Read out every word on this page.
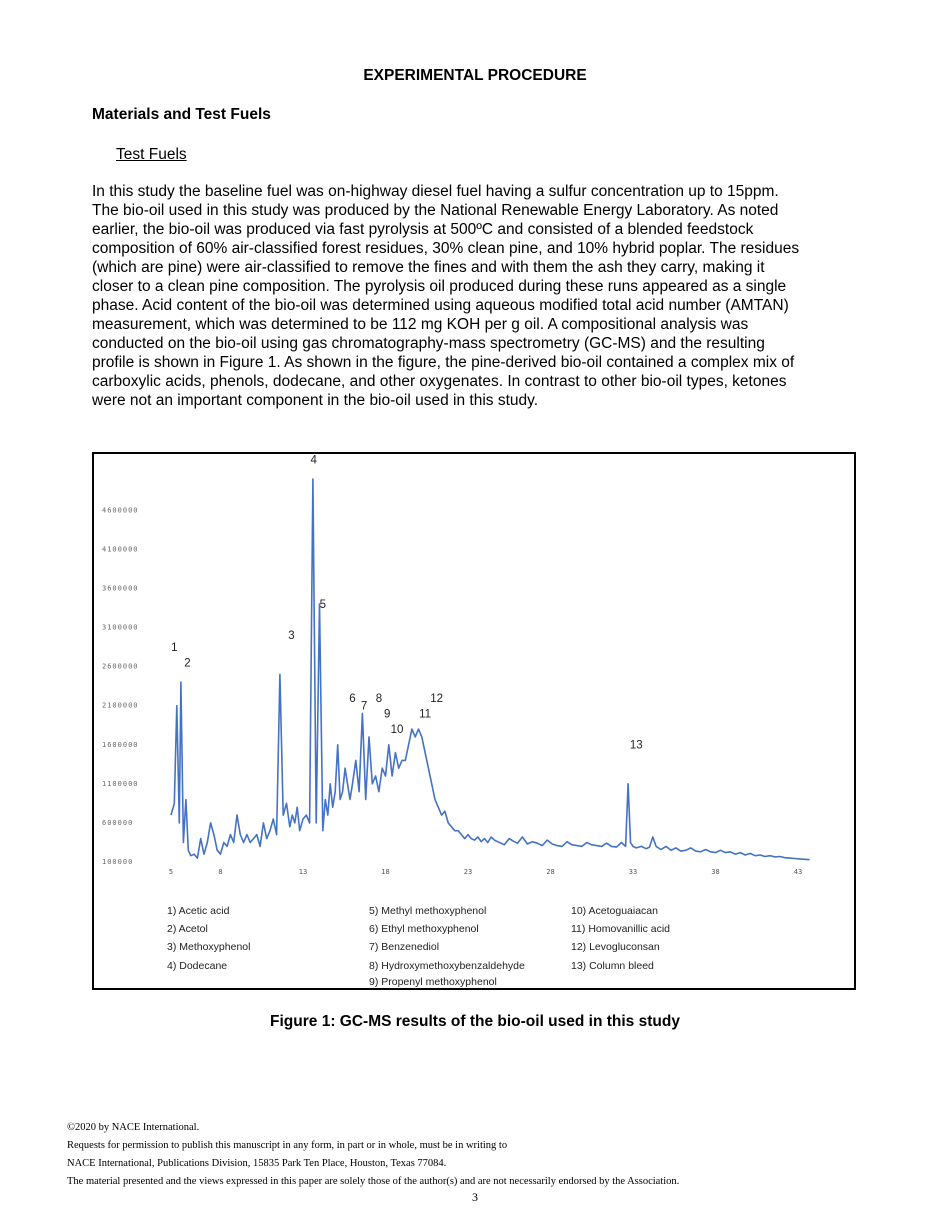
EXPERIMENTAL PROCEDURE
Materials and Test Fuels
Test Fuels
In this study the baseline fuel was on-highway diesel fuel having a sulfur concentration up to 15ppm.
The bio-oil used in this study was produced by the National Renewable Energy Laboratory. As noted
earlier, the bio-oil was produced via fast pyrolysis at 500ºC and consisted of a blended feedstock
composition of 60% air-classified forest residues, 30% clean pine, and 10% hybrid poplar. The residues
(which are pine) were air-classified to remove the fines and with them the ash they carry, making it
closer to a clean pine composition. The pyrolysis oil produced during these runs appeared as a single
phase. Acid content of the bio-oil was determined using aqueous modified total acid number (AMTAN)
measurement, which was determined to be 112 mg KOH per g oil. A compositional analysis was
conducted on the bio-oil using gas chromatography-mass spectrometry (GC-MS) and the resulting
profile is shown in Figure 1. As shown in the figure, the pine-derived bio-oil contained a complex mix of
carboxylic acids, phenols, dodecane, and other oxygenates. In contrast to other bio-oil types, ketones
were not an important component in the bio-oil used in this study.
100000
600000
1100000
1600000
2100000
2600000
3100000
3600000
4100000
4600000
5	8	13	18	23	28	33	38	43
1
2
3
4
5
6
7
8
9
10
11
12
13
1) Acetic acid
2) Acetol
3) Methoxyphenol
4) Dodecane
5) Methyl methoxyphenol
6) Ethyl methoxyphenol
7) Benzenediol
8) Hydroxymethoxybenzaldehyde
9) Propenyl methoxyphenol
10) Acetoguaiacan
11) Homovanillic acid
12) Levogluconsan
13) Column bleed
Figure 1: GC-MS results of the bio-oil used in this study
©2020 by NACE International.
Requests for permission to publish this manuscript in any form, in part or in whole, must be in writing to
NACE International, Publications Division, 15835 Park Ten Place, Houston, Texas 77084.
The material presented and the views expressed in this paper are solely those of the author(s) and are not necessarily endorsed by the Association.
3
